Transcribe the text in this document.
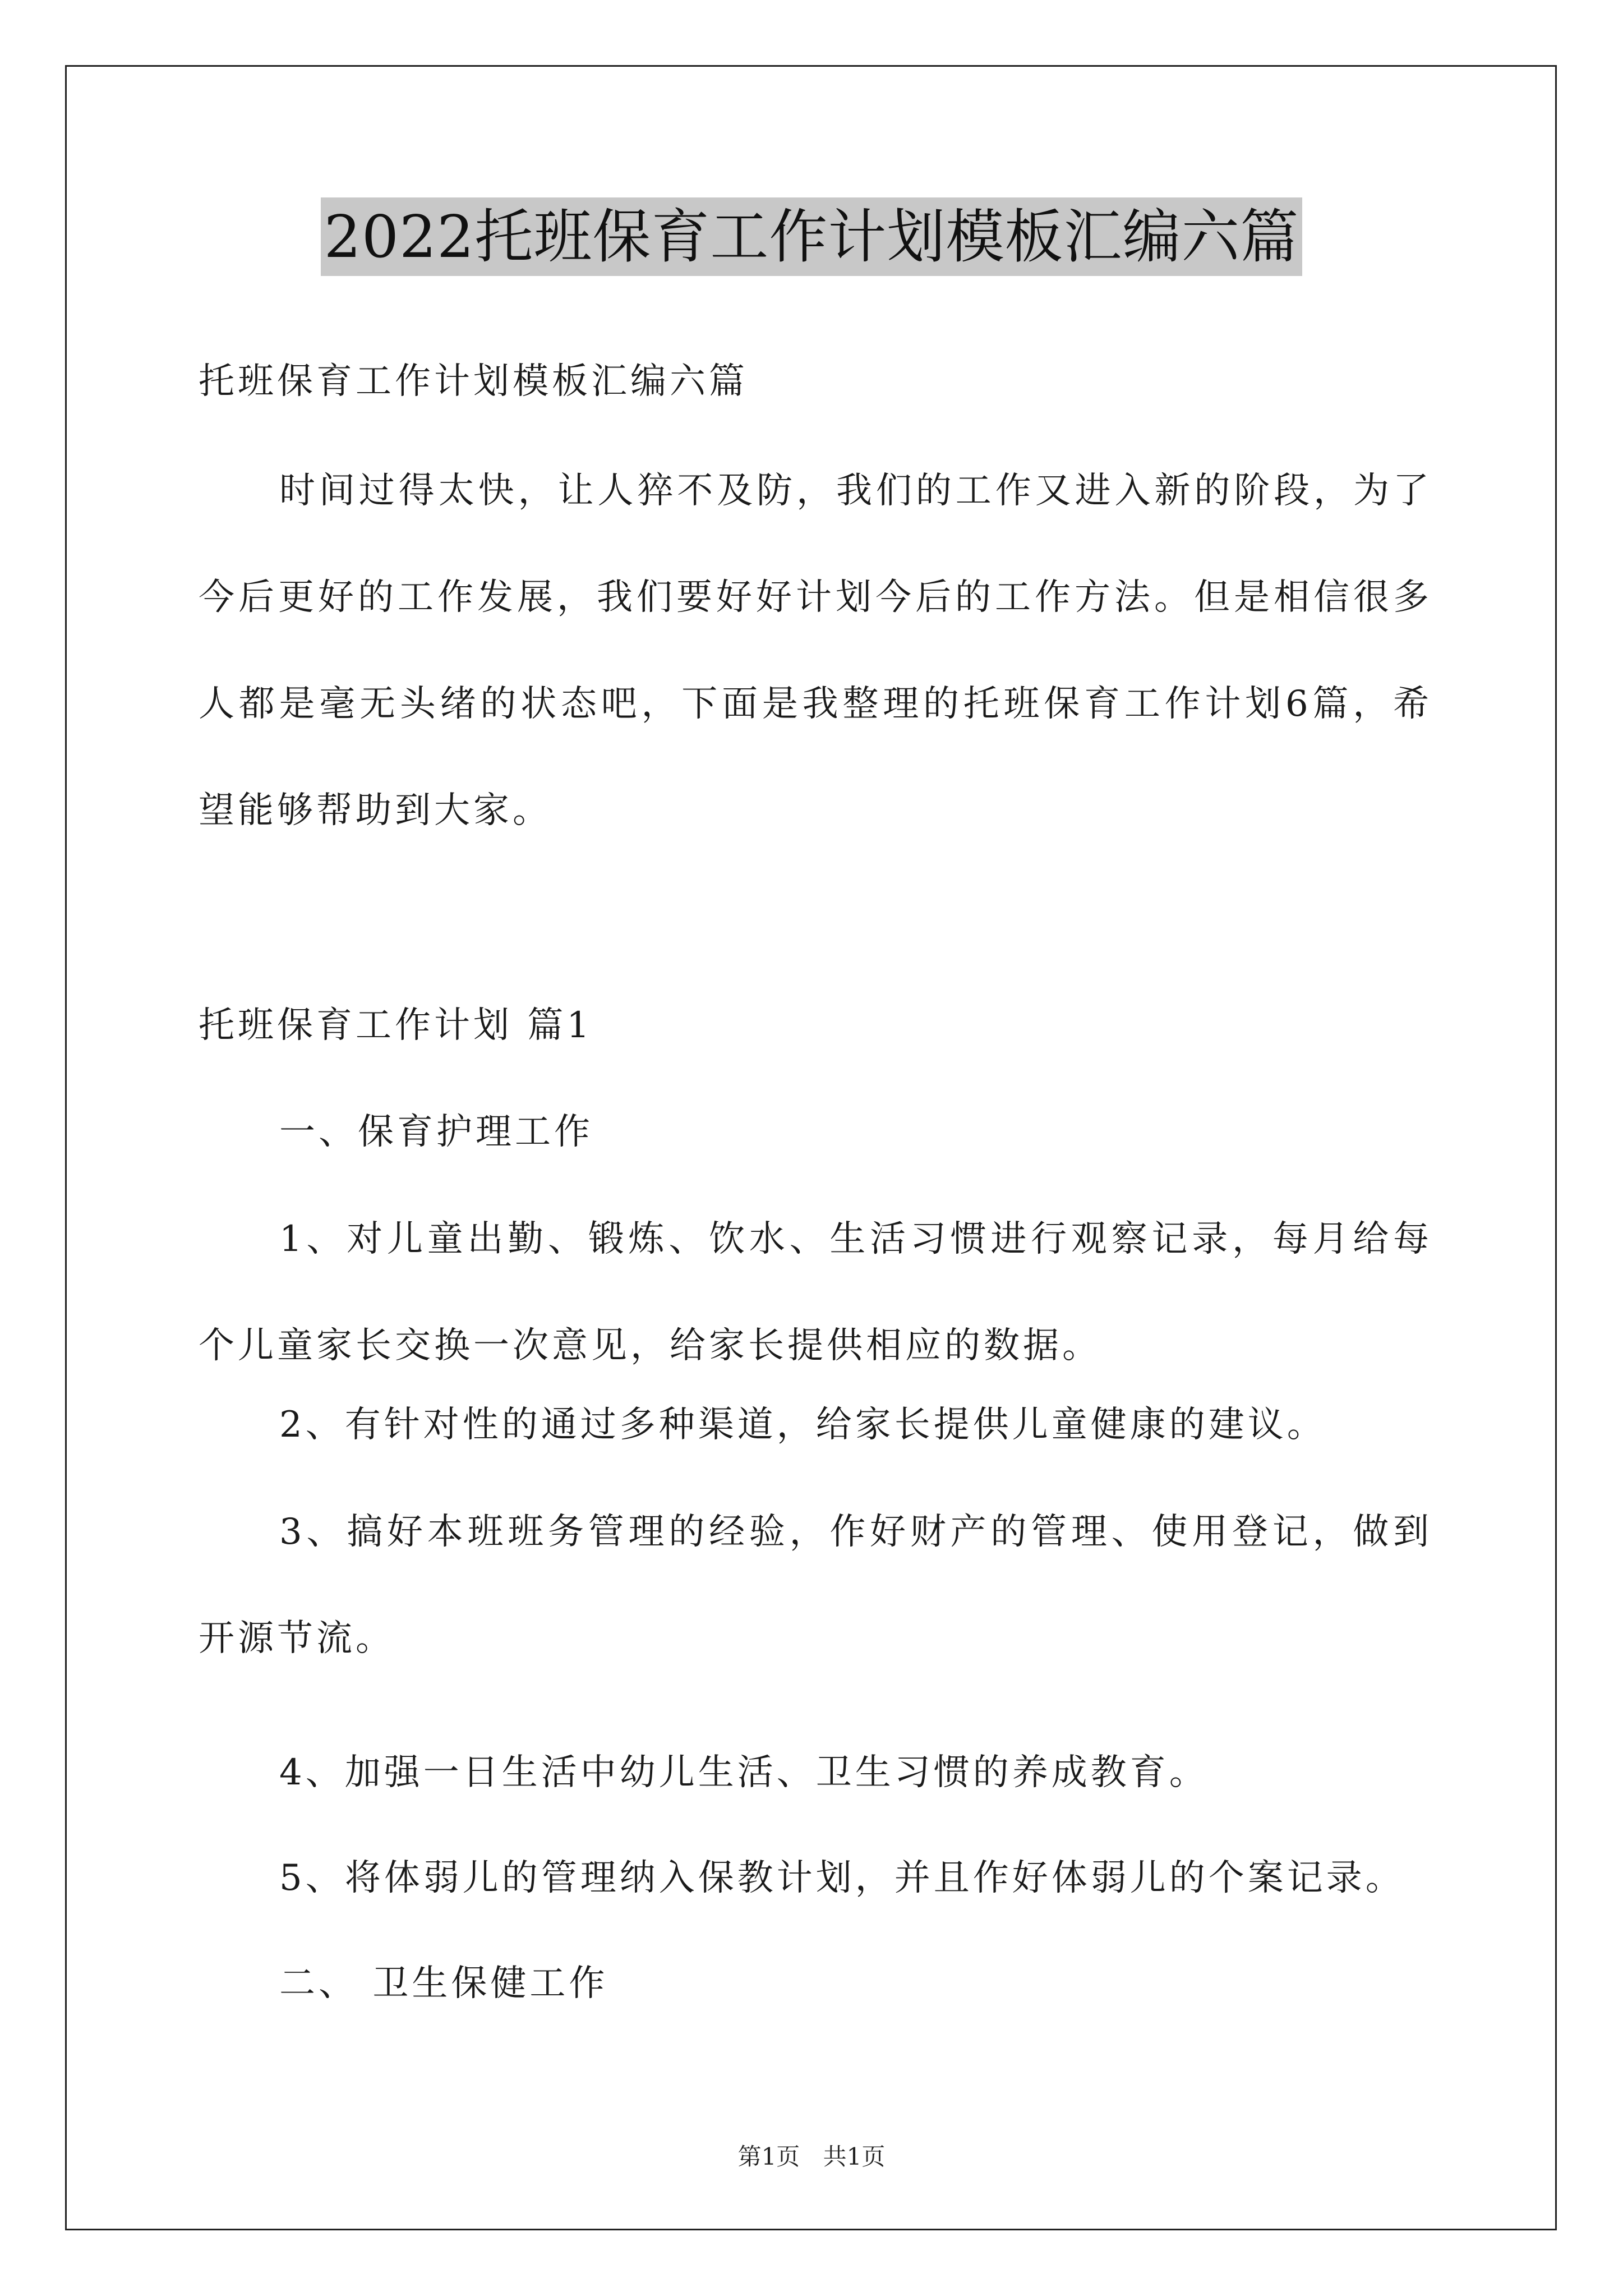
2022托班保育工作计划模板汇编六篇
托班保育工作计划模板汇编六篇
时间过得太快，让人猝不及防，我们的工作又进入新的阶段，为了今后更好的工作发展，我们要好好计划今后的工作方法。但是相信很多人都是毫无头绪的状态吧，下面是我整理的托班保育工作计划6篇，希望能够帮助到大家。
托班保育工作计划 篇1
一、保育护理工作
1、对儿童出勤、锻炼、饮水、生活习惯进行观察记录，每月给每个儿童家长交换一次意见，给家长提供相应的数据。
2、有针对性的通过多种渠道，给家长提供儿童健康的建议。
3、搞好本班班务管理的经验，作好财产的管理、使用登记，做到开源节流。
4、加强一日生活中幼儿生活、卫生习惯的养成教育。
5、将体弱儿的管理纳入保教计划，并且作好体弱儿的个案记录。
二、 卫生保健工作
第1页 共1页
